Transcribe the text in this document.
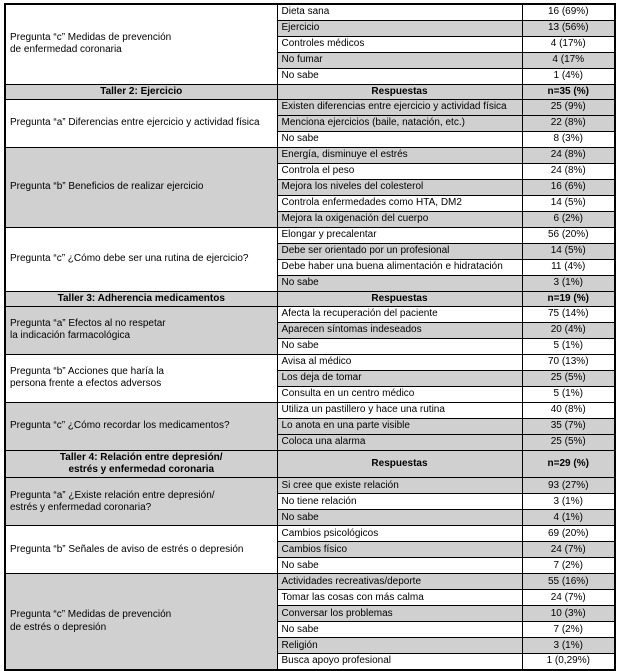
Pregunta “c” Medidas de prevención
de enfermedad coronaria	Dieta sana	16 (69%)
	Ejercicio	13 (56%)
	Controles médicos	4 (17%)
	No fumar	4 (17%
	No sabe	1 (4%)

Taller 2: Ejercicio	Respuestas	n=35 (%)

Pregunta “a” Diferencias entre ejercicio y actividad física	Existen diferencias entre ejercicio y actividad física	25 (9%)
	Menciona ejercicios (baile, natación, etc.)	22 (8%)
	No sabe	8 (3%)

Pregunta “b” Beneficios de realizar ejercicio	Energía, disminuye el estrés	24 (8%)
	Controla el peso	24 (8%)
	Mejora los niveles del colesterol	16 (6%)
	Controla enfermedades como HTA, DM2	14 (5%)
	Mejora la oxigenación del cuerpo	6 (2%)

Pregunta “c” ¿Cómo debe ser una rutina de ejercicio?	Elongar y precalentar	56 (20%)
	Debe ser orientado por un profesional	14 (5%)
	Debe haber una buena alimentación e hidratación	11 (4%)
	No sabe	3 (1%)

Taller 3: Adherencia medicamentos	Respuestas	n=19 (%)

Pregunta “a” Efectos al no respetar
la indicación farmacológica	Afecta la recuperación del paciente	75 (14%)
	Aparecen síntomas indeseados	20 (4%)
	No sabe	5 (1%)

Pregunta “b” Acciones que haría la
persona frente a efectos adversos	Avisa al médico	70 (13%)
	Los deja de tomar	25 (5%)
	Consulta en un centro médico	5 (1%)

Pregunta “c” ¿Cómo recordar los medicamentos?	Utiliza un pastillero y hace una rutina	40 (8%)
	Lo anota en una parte visible	35 (7%)
	Coloca una alarma	25 (5%)

Taller 4: Relación entre depresión/
estrés y enfermedad coronaria	Respuestas	n=29 (%)

Pregunta “a” ¿Existe relación entre depresión/
estrés y enfermedad coronaria?	Si cree que existe relación	93 (27%)
	No tiene relación	3 (1%)
	No sabe	4 (1%)

Pregunta “b” Señales de aviso de estrés o depresión	Cambios psicológicos	69 (20%)
	Cambios físico	24 (7%)
	No sabe	7 (2%)

Pregunta “c” Medidas de prevención
de estrés o depresión	Actividades recreativas/deporte	55 (16%)
	Tomar las cosas con más calma	24 (7%)
	Conversar los problemas	10 (3%)
	No sabe	7 (2%)
	Religión	3 (1%)
	Busca apoyo profesional	1 (0,29%)
